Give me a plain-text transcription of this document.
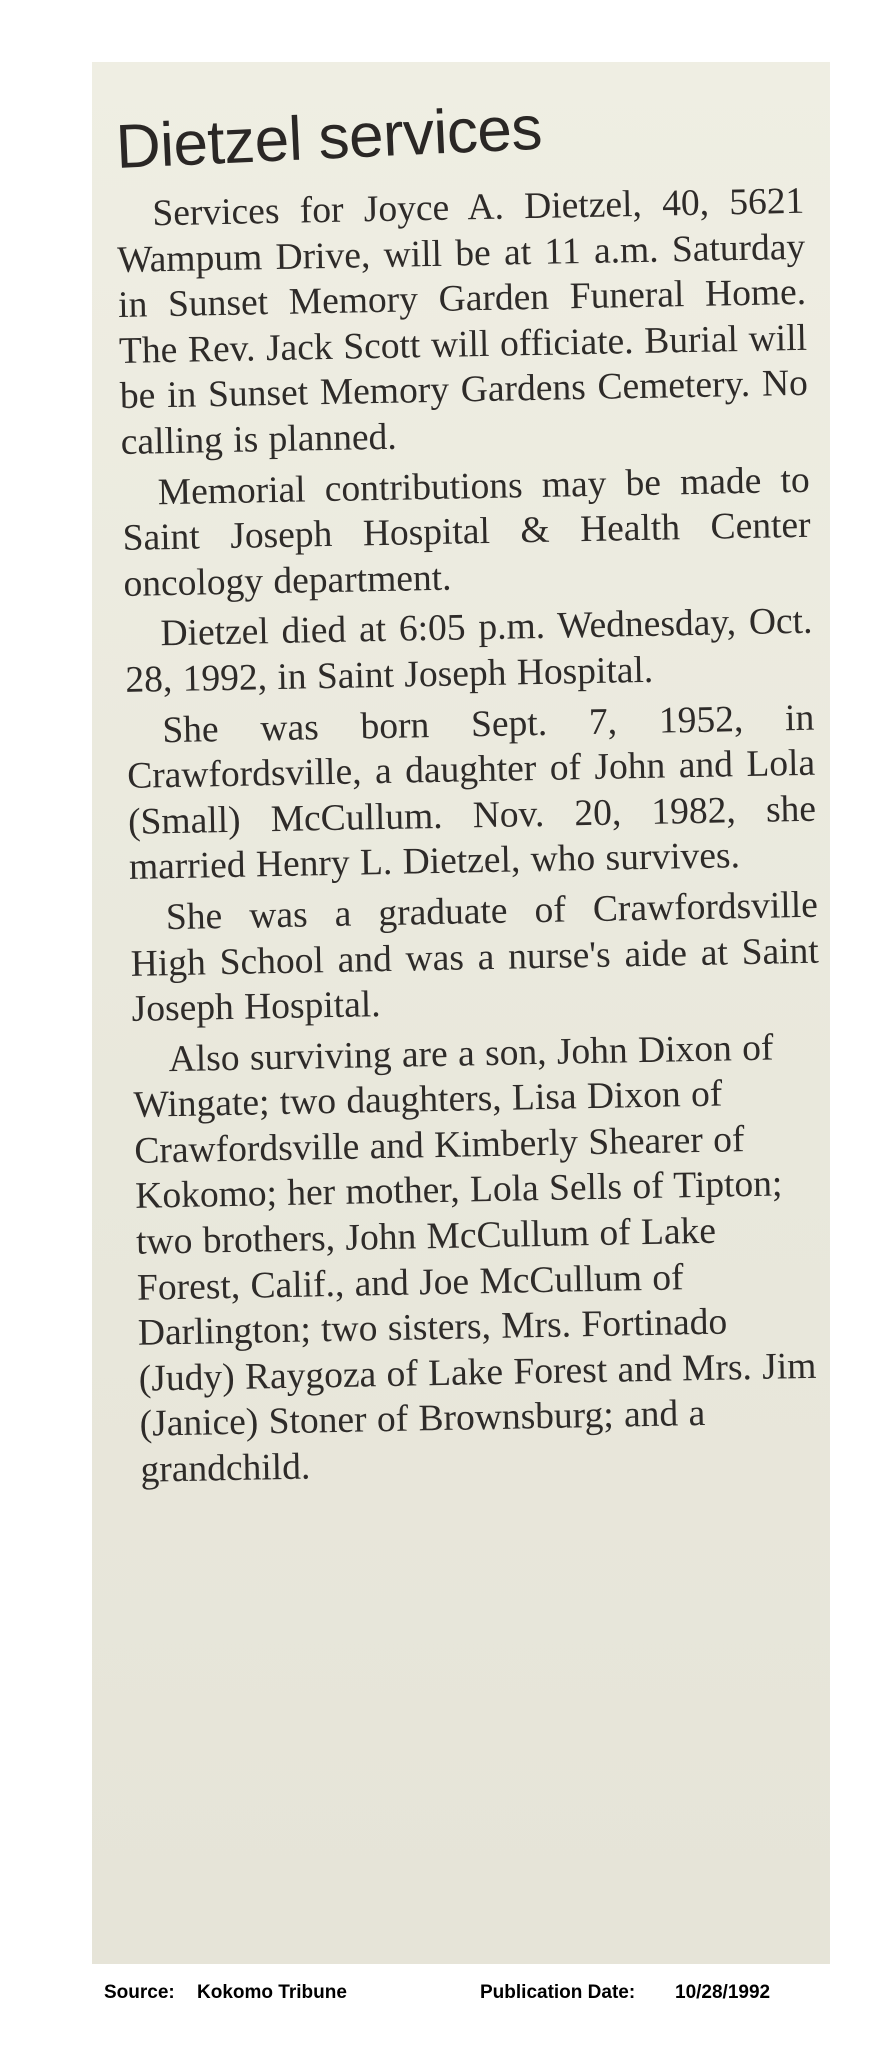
Dietzel services

Services for Joyce A. Dietzel, 40, 5621 Wampum Drive, will be at 11 a.m. Saturday in Sunset Memory Garden Funeral Home. The Rev. Jack Scott will officiate. Burial will be in Sunset Memory Gardens Cemetery. No calling is planned.

Memorial contributions may be made to Saint Joseph Hospital & Health Center oncology department.

Dietzel died at 6:05 p.m. Wednesday, Oct. 28, 1992, in Saint Joseph Hospital.

She was born Sept. 7, 1952, in Crawfordsville, a daughter of John and Lola (Small) McCullum. Nov. 20, 1982, she married Henry L. Dietzel, who survives.

She was a graduate of Crawfordsville High School and was a nurse's aide at Saint Joseph Hospital.

Also surviving are a son, John Dixon of Wingate; two daughters, Lisa Dixon of Crawfordsville and Kimberly Shearer of Kokomo; her mother, Lola Sells of Tipton; two brothers, John McCullum of Lake Forest, Calif., and Joe McCullum of Darlington; two sisters, Mrs. Fortinado (Judy) Raygoza of Lake Forest and Mrs. Jim (Janice) Stoner of Brownsburg; and a grandchild.

Source: Kokomo Tribune	Publication Date: 10/28/1992
